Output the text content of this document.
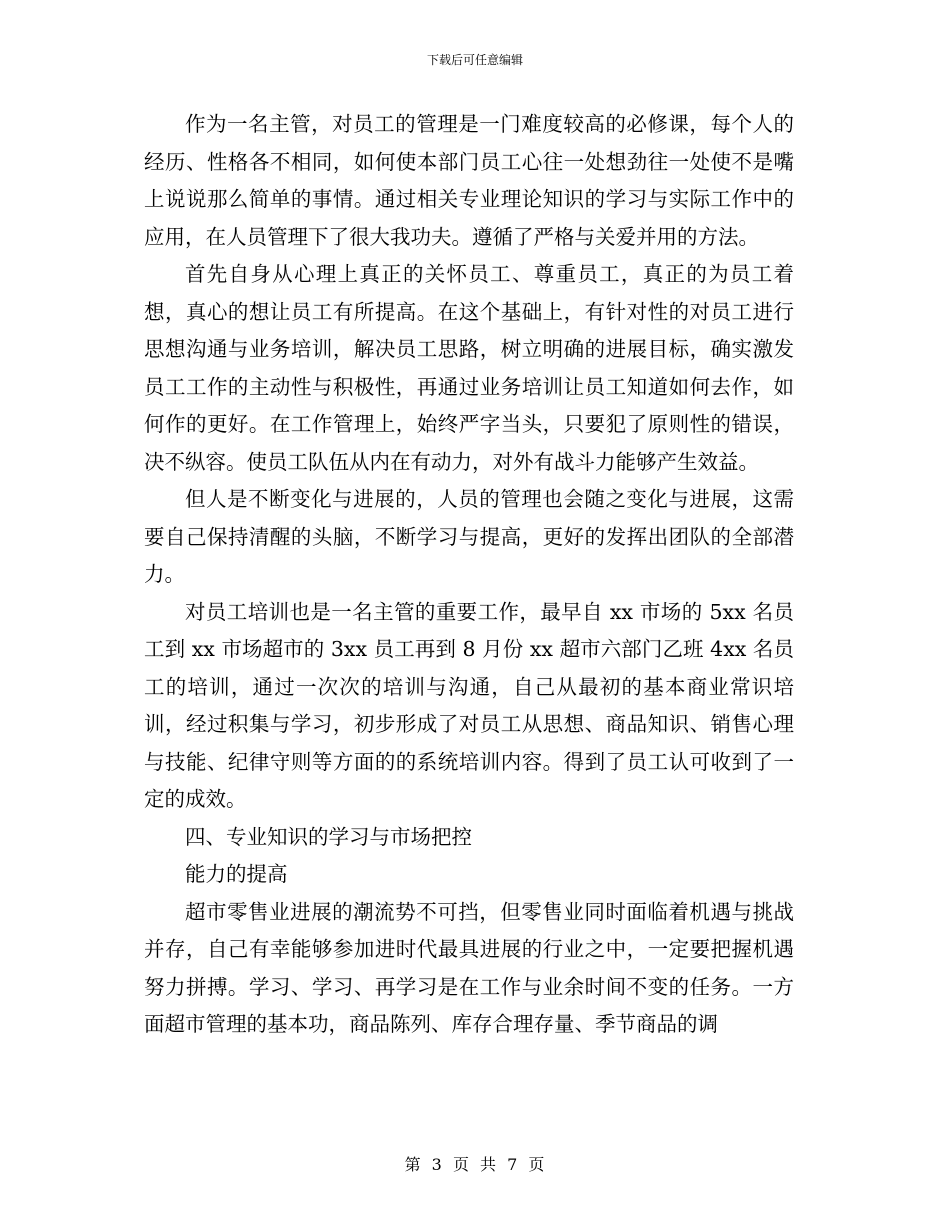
下载后可任意编辑

作为一名主管，对员工的管理是一门难度较高的必修课，每个人的经历、性格各不相同，如何使本部门员工心往一处想劲往一处使不是嘴上说说那么简单的事情。通过相关专业理论知识的学习与实际工作中的应用，在人员管理下了很大我功夫。遵循了严格与关爱并用的方法。

首先自身从心理上真正的关怀员工、尊重员工，真正的为员工着想，真心的想让员工有所提高。在这个基础上，有针对性的对员工进行思想沟通与业务培训，解决员工思路，树立明确的进展目标，确实激发员工工作的主动性与积极性，再通过业务培训让员工知道如何去作，如何作的更好。在工作管理上，始终严字当头，只要犯了原则性的错误，决不纵容。使员工队伍从内在有动力，对外有战斗力能够产生效益。

但人是不断变化与进展的，人员的管理也会随之变化与进展，这需要自己保持清醒的头脑，不断学习与提高，更好的发挥出团队的全部潜力。

对员工培训也是一名主管的重要工作，最早自 xx 市场的 5xx 名员工到 xx 市场超市的 3xx 员工再到 8 月份 xx 超市六部门乙班 4xx 名员工的培训，通过一次次的培训与沟通，自己从最初的基本商业常识培训，经过积集与学习，初步形成了对员工从思想、商品知识、销售心理与技能、纪律守则等方面的的系统培训内容。得到了员工认可收到了一定的成效。

四、专业知识的学习与市场把控

能力的提高

超市零售业进展的潮流势不可挡，但零售业同时面临着机遇与挑战并存，自己有幸能够参加进时代最具进展的行业之中，一定要把握机遇努力拼搏。学习、学习、再学习是在工作与业余时间不变的任务。一方面超市管理的基本功，商品陈列、库存合理存量、季节商品的调

第 3 页 共 7 页
